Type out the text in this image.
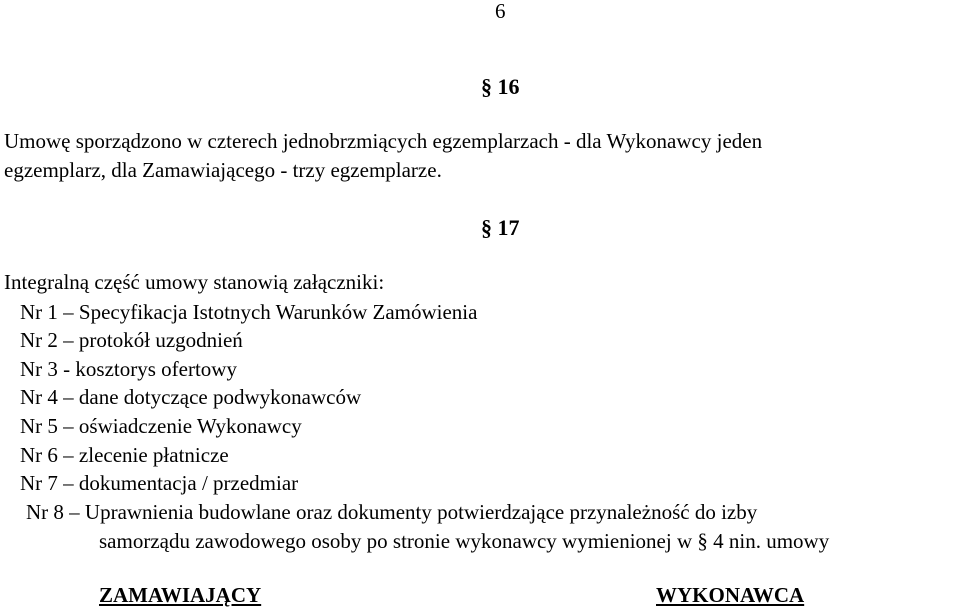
6
§ 16
Umowę sporządzono w czterech jednobrzmiących egzemplarzach - dla Wykonawcy jeden
egzemplarz, dla Zamawiającego - trzy egzemplarze.
§ 17
Integralną część umowy stanowią załączniki:
Nr 1 – Specyfikacja Istotnych Warunków Zamówienia
Nr 2 – protokół uzgodnień
Nr 3 - kosztorys ofertowy
Nr 4 – dane dotyczące podwykonawców
Nr 5 – oświadczenie Wykonawcy
Nr 6 – zlecenie płatnicze
Nr 7 – dokumentacja / przedmiar
Nr 8 – Uprawnienia budowlane oraz dokumenty potwierdzające przynależność do izby
samorządu zawodowego osoby po stronie wykonawcy wymienionej w § 4 nin. umowy
ZAMAWIAJĄCY	WYKONAWCA
